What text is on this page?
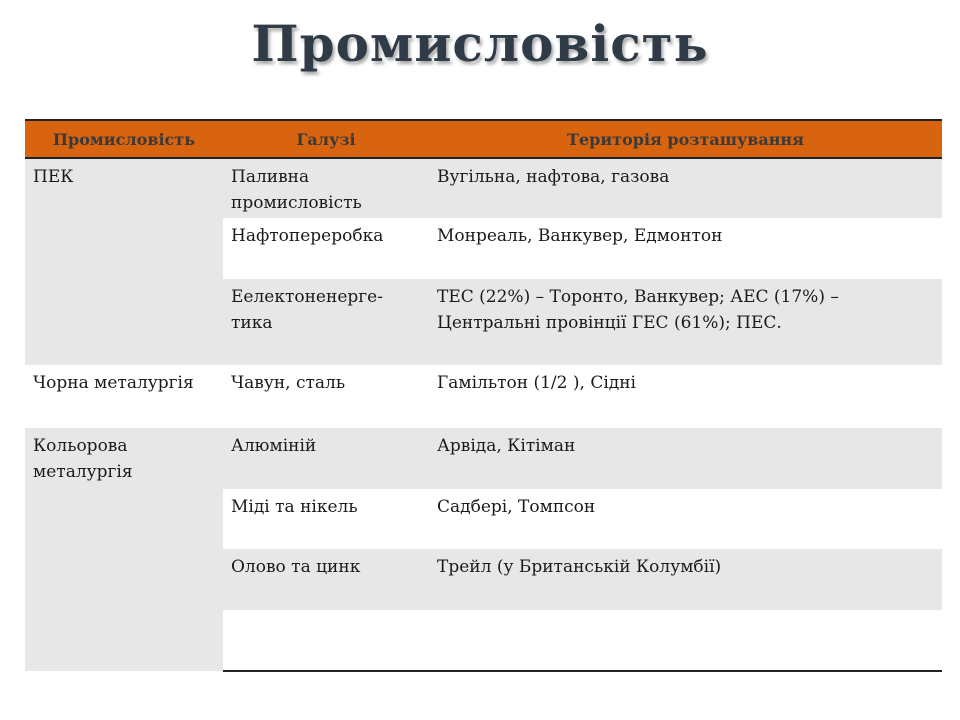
Промисловість
Промисловість	Галузі	Територія розташування
ПЕК	Паливна промисловість	Вугільна, нафтова, газова
	Нафтопереробка	Монреаль, Ванкувер, Едмонтон
	Еелектоненерге-тика	ТЕС (22%) – Торонто, Ванкувер; АЕС (17%) – Центральні провінції ГЕС (61%); ПЕС.
Чорна металургія	Чавун, сталь	Гамільтон (1/2 ), Сідні
Кольорова металургія	Алюміній	Арвіда, Кітіман
	Міді та нікель	Садбері, Томпсон
	Олово та цинк	Трейл (у Британській Колумбії)
